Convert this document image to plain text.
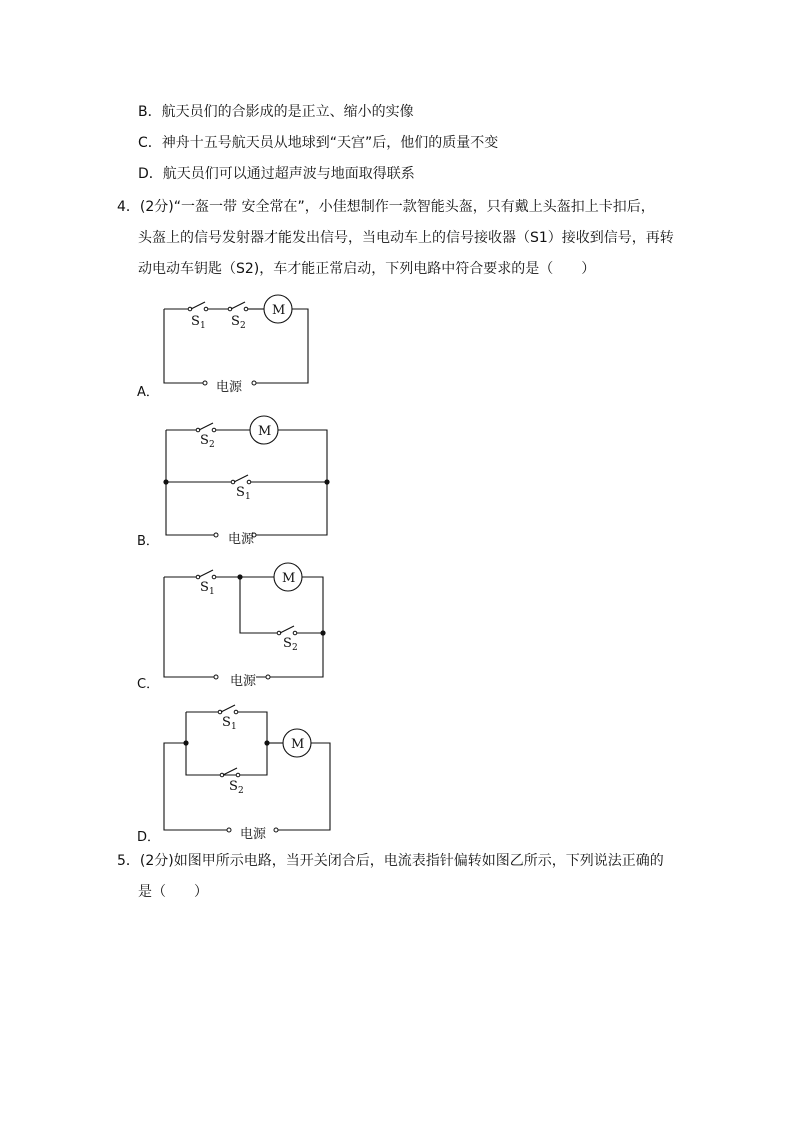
B．航天员们的合影成的是正立、缩小的实像
C．神舟十五号航天员从地球到“天宫”后，他们的质量不变
D．航天员们可以通过超声波与地面取得联系
4．(2分)“一盔一带 安全常在”，小佳想制作一款智能头盔，只有戴上头盔扣上卡扣后，
头盔上的信号发射器才能发出信号，当电动车上的信号接收器（S1）接收到信号，再转
动电动车钥匙（S2)，车才能正常启动，下列电路中符合要求的是（　　）
A．
M
S 1 S 2
电源
B．
M
S 2
S 1
电源
C．
M
S 1
S 2
电源
D．
M
S 1
S 2
电源
5．(2分)如图甲所示电路，当开关闭合后，电流表指针偏转如图乙所示，下列说法正确的
是（　　）
